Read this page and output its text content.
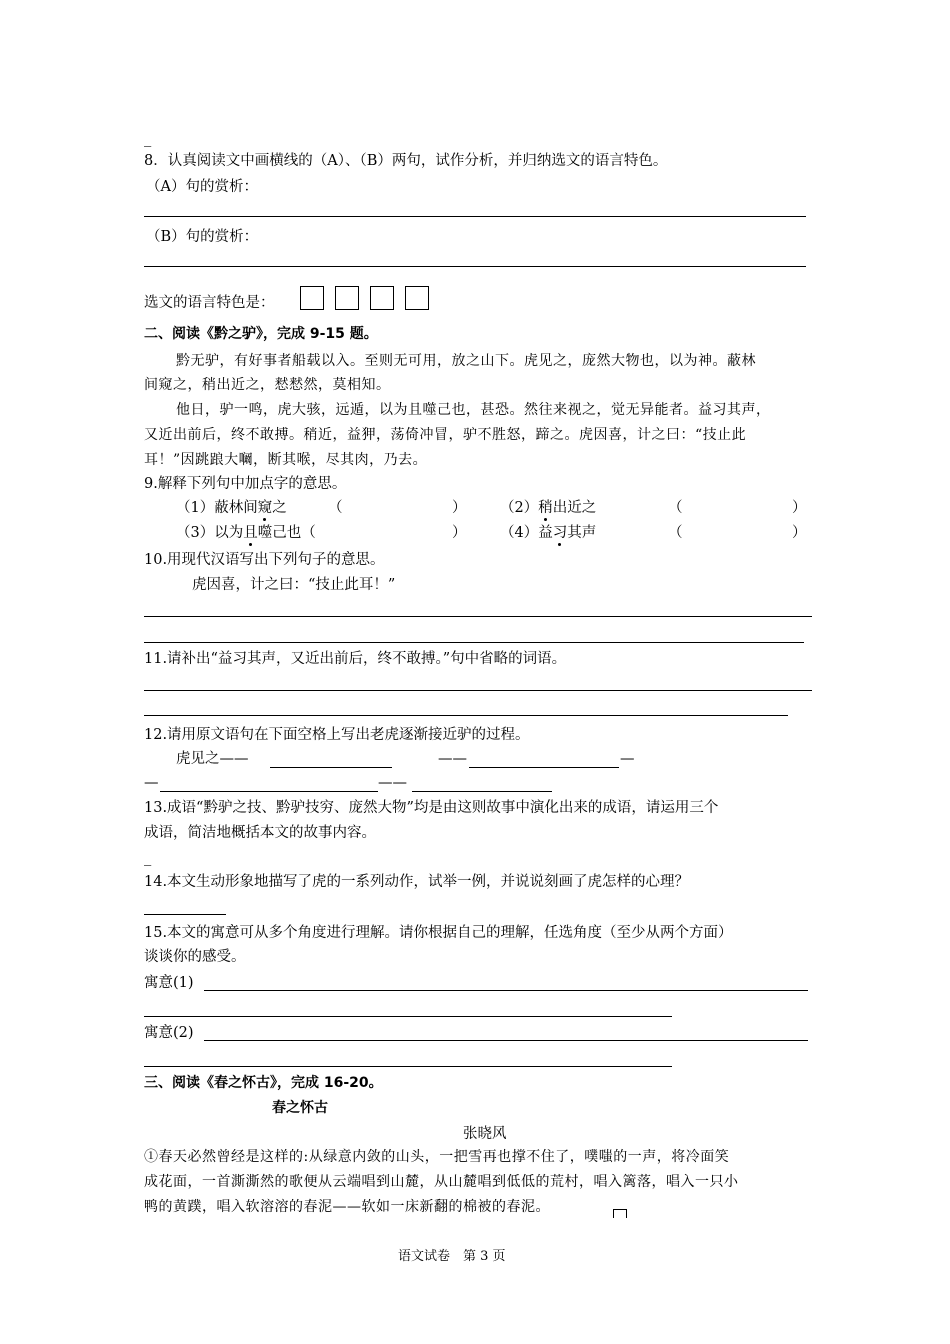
_
8．认真阅读文中画横线的（A）、（B）两句，试作分析，并归纳选文的语言特色。
（A）句的赏析：
（B）句的赏析：
选文的语言特色是：
二、阅读《黔之驴》，完成 9-15 题。
黔无驴，有好事者船载以入。至则无可用，放之山下。虎见之，庞然大物也，以为神。蔽林
间窥之，稍出近之，慭慭然，莫相知。
他日，驴一鸣，虎大骇，远遁，以为且噬己也，甚恐。然往来视之，觉无异能者。益习其声，
又近出前后，终不敢搏。稍近，益狎，荡倚冲冒，驴不胜怒，蹄之。虎因喜，计之曰：“技止此
耳！”因跳踉大㘎，断其喉，尽其肉，乃去。
9.解释下列句中加点字的意思。
（1）蔽林间窥之	（	） （2）稍出近之	（	）
（3）以为且噬己也（	） （4）益习其声	（	）
10.用现代汉语写出下列句子的意思。
虎因喜，计之曰：“技止此耳！”
11.请补出“益习其声，又近出前后，终不敢搏。”句中省略的词语。
12.请用原文语句在下面空格上写出老虎逐渐接近驴的过程。
虎见之——	——	—
—	——
13.成语“黔驴之技、黔驴技穷、庞然大物”均是由这则故事中演化出来的成语，请运用三个
成语，简洁地概括本文的故事内容。
_
14.本文生动形象地描写了虎的一系列动作，试举一例，并说说刻画了虎怎样的心理？
15.本文的寓意可从多个角度进行理解。请你根据自己的理解，任选角度（至少从两个方面）
谈谈你的感受。
寓意(1)
寓意(2)
三、阅读《春之怀古》，完成 16-20。
春之怀古
张晓风
①春天必然曾经是这样的:从绿意内敛的山头，一把雪再也撑不住了，噗嗤的一声，将冷面笑
成花面，一首澌澌然的歌便从云端唱到山麓，从山麓唱到低低的荒村，唱入篱落，唱入一只小
鸭的黄蹼，唱入软溶溶的春泥——软如一床新翻的棉被的春泥。
语文试卷　第 3 页
